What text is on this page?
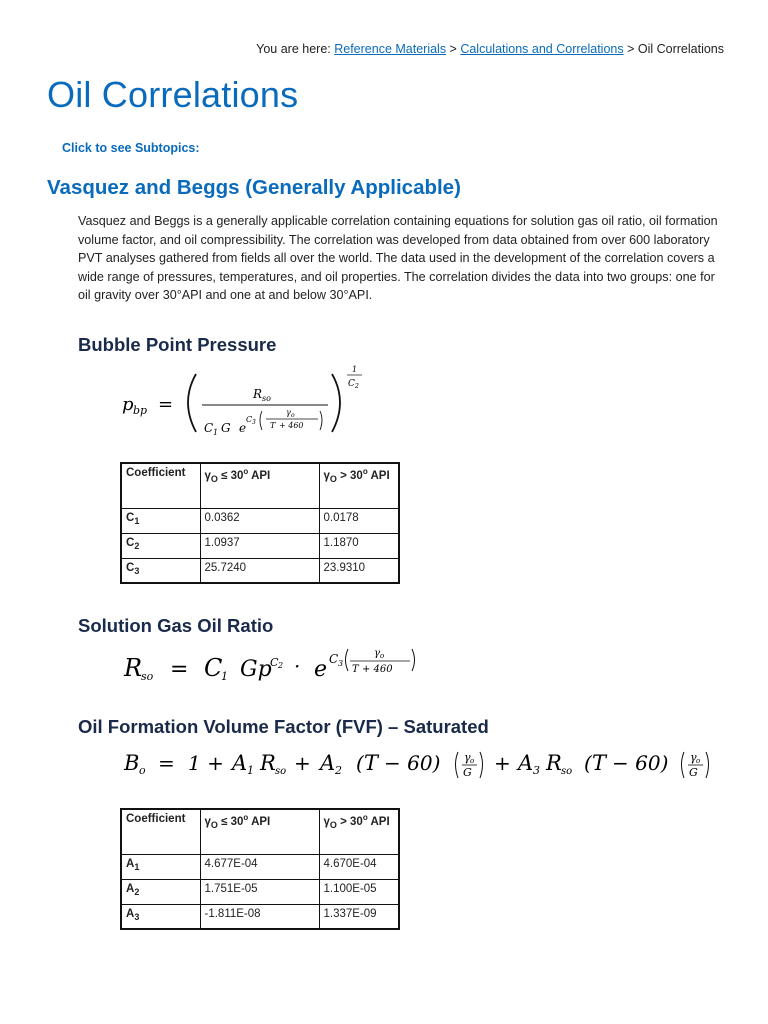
You are here: Reference Materials > Calculations and Correlations > Oil Correlations
Oil Correlations
Click to see Subtopics:
Vasquez and Beggs (Generally Applicable)

Vasquez and Beggs is a generally applicable correlation containing equations for solution gas oil ratio, oil formation volume factor, and oil compressibility. The correlation was developed from data obtained from over 600 laboratory PVT analyses gathered from fields all over the world. The data used in the development of the correlation covers a wide range of pressures, temperatures, and oil properties. The correlation divides the data into two groups: one for oil gravity over 30°API and one at and below 30°API.

Bubble Point Pressure
p bp =	R so
C 1 G e
C 3
γ o
T + 460
1
C 2
Coefficient	$\gamma_O \le 30^o$ API	$\gamma_O > 30^o$ API
$C_1$	0.0362	0.0178
$C_2$	1.0937	1.1870
$C_3$	25.7240	23.9310
Solution Gas Oil Ratio
R
so = C
1 Gp
C 2 · e C 3
γ o
T + 460
Oil Formation Volume Factor (FVF) – Saturated
B o = 1 + A 1 R so + A 2 ( T − 60) γ o
G + A 3 R so ( T − 60) γ o
G
Coefficient	$\gamma_O \le 30^o$ API	$\gamma_O > 30^o$ API
$A_1$	4.677E-04	4.670E-04
$A_2$	1.751E-05	1.100E-05
$A_3$	-1.811E-08	1.337E-09
